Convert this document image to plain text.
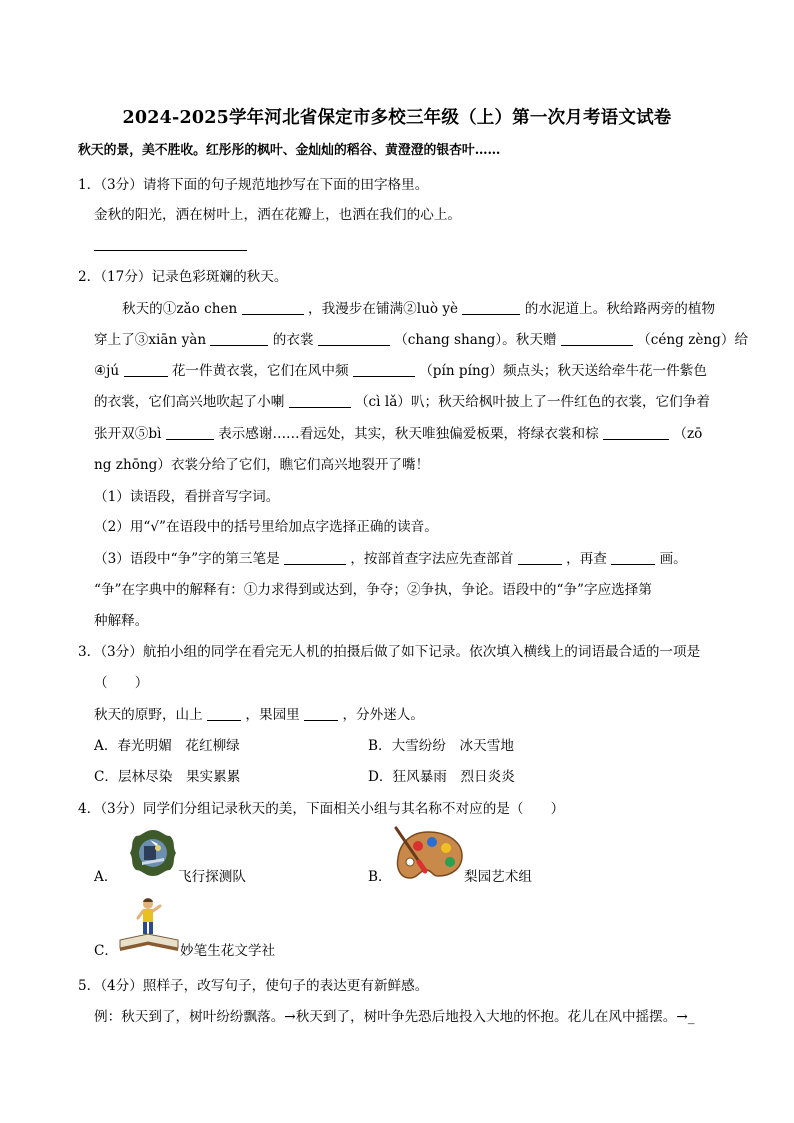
2024-2025学年河北省保定市多校三年级（上）第一次月考语文试卷
秋天的景，美不胜收。红彤彤的枫叶、金灿灿的稻谷、黄澄澄的银杏叶……
1．（3分）请将下面的句子规范地抄写在下面的田字格里。
金秋的阳光，洒在树叶上，洒在花瓣上，也洒在我们的心上。
2．（17分）记录色彩斑斓的秋天。
秋天的①zǎo chen	，我漫步在铺满②luò yè	的水泥道上。秋给路两旁的植物
穿上了③xiān yàn	的衣裳	（chang shang）。秋天赠	（céng zèng）给
④jú	花一件黄衣裳，它们在风中频	（pín píng）频点头；秋天送给牵牛花一件紫色
的衣裳，它们高兴地吹起了小喇	（cì lǎ）叭；秋天给枫叶披上了一件红色的衣裳，它们争着
张开双⑤bì	表示感谢……看远处，其实，秋天唯独偏爱板栗，将绿衣裳和棕	（zō
ng zhōng）衣裳分给了它们，瞧它们高兴地裂开了嘴！
（1）读语段，看拼音写字词。
（2）用“√”在语段中的括号里给加点字选择正确的读音。
（3）语段中“争”字的第三笔是	，按部首查字法应先查部首	，再查	画。
“争”在字典中的解释有：①力求得到或达到，争夺；②争执，争论。语段中的“争”字应选择第
种解释。
3．（3分）航拍小组的同学在看完无人机的拍摄后做了如下记录。依次填入横线上的词语最合适的一项是
（　　）
秋天的原野，山上	，果园里	，分外迷人。
A．春光明媚　花红柳绿	B．大雪纷纷　冰天雪地
C．层林尽染　果实累累	D．狂风暴雨　烈日炎炎
4．（3分）同学们分组记录秋天的美，下面相关小组与其名称不对应的是（　　）
A．	飞行探测队	B．	梨园艺术组
C．	妙笔生花文学社
5．（4分）照样子，改写句子，使句子的表达更有新鲜感。
例：秋天到了，树叶纷纷飘落。→秋天到了，树叶争先恐后地投入大地的怀抱。花儿在风中摇摆。→_
